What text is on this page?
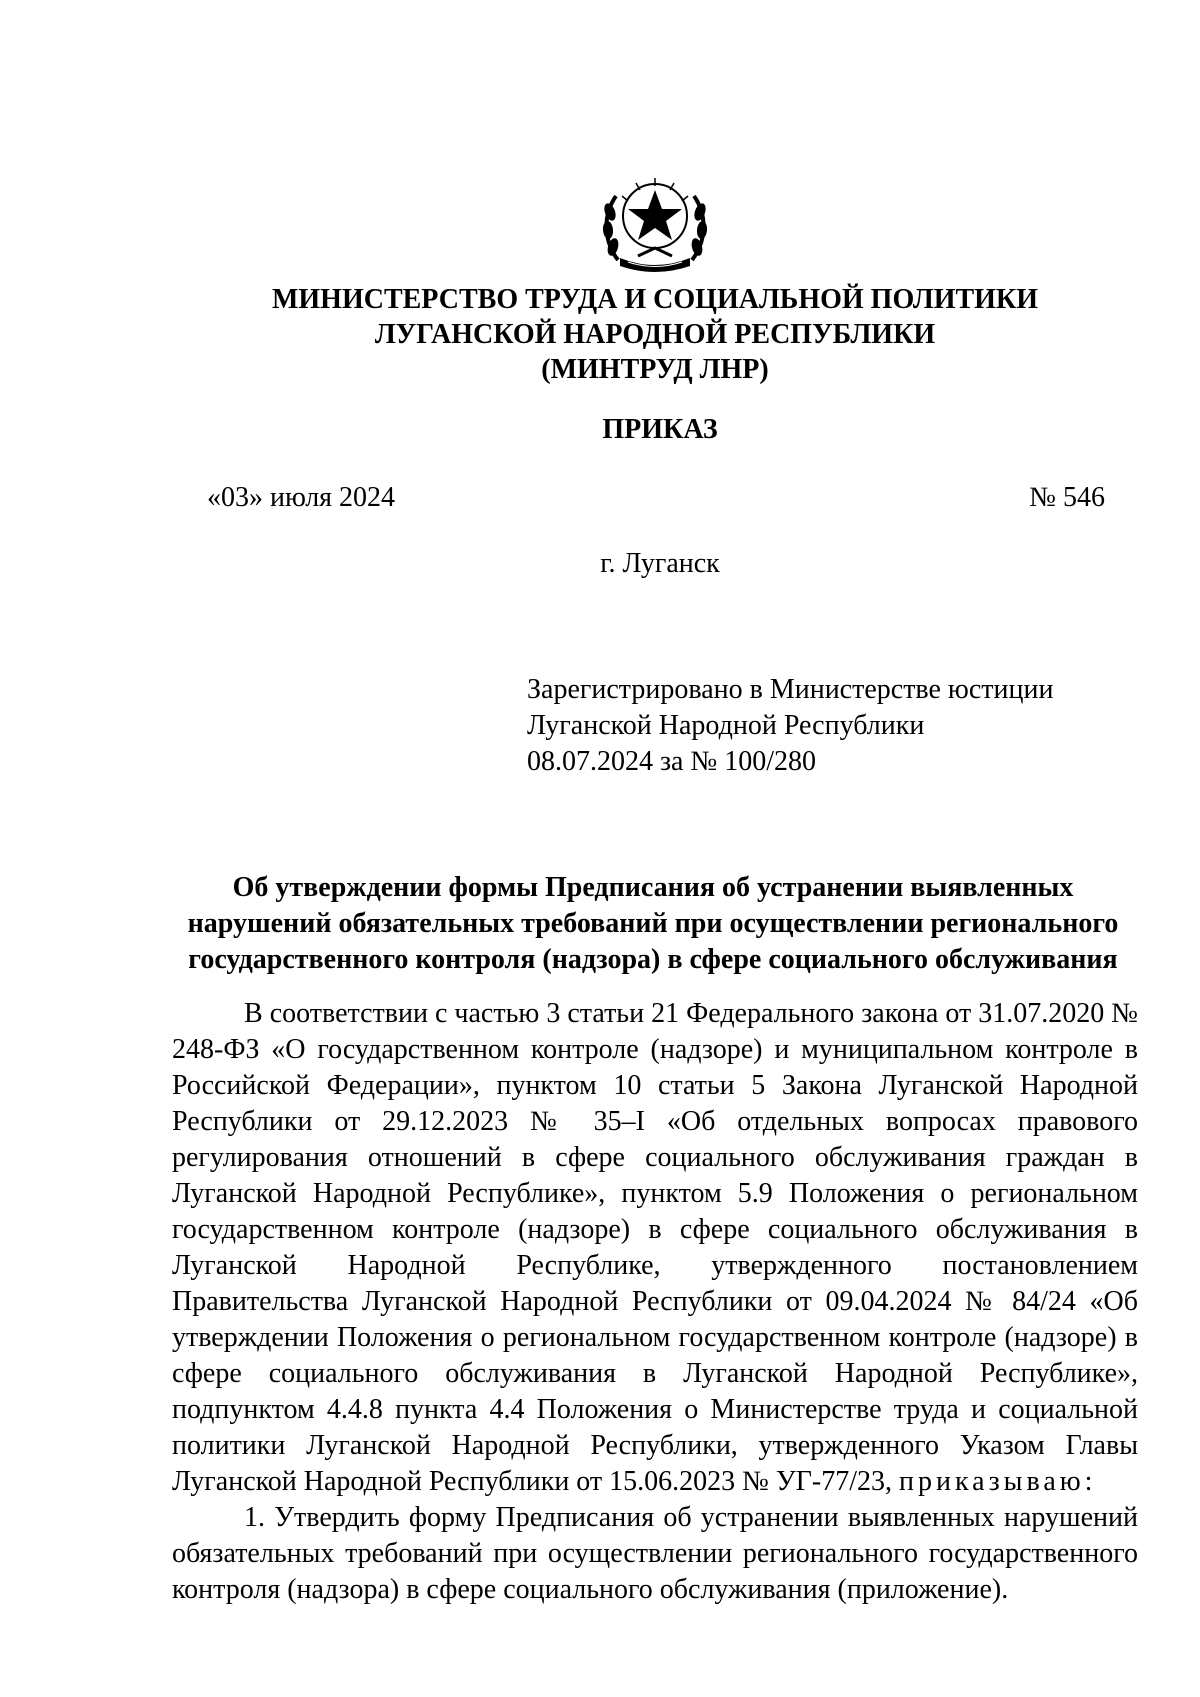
МИНИСТЕРСТВО ТРУДА И СОЦИАЛЬНОЙ ПОЛИТИКИ
ЛУГАНСКОЙ НАРОДНОЙ РЕСПУБЛИКИ
(МИНТРУД ЛНР)
ПРИКАЗ
«03» июля 2024	№ 546
г. Луганск
Зарегистрировано в Министерстве юстиции
Луганской Народной Республики
08.07.2024 за № 100/280
Об утверждении формы Предписания об устранении выявленных
нарушений обязательных требований при осуществлении регионального
государственного контроля (надзора) в сфере социального обслуживания

В соответствии с частью 3 статьи 21 Федерального закона от 31.07.2020 № 248-ФЗ «О государственном контроле (надзоре) и муниципальном контроле в Российской Федерации», пунктом 10 статьи 5 Закона Луганской Народной Республики от 29.12.2023 № 35–I «Об отдельных вопросах правового регулирования отношений в сфере социального обслуживания граждан в Луганской Народной Республике», пунктом 5.9 Положения о региональном государственном контроле (надзоре) в сфере социального обслуживания в Луганской Народной Республике, утвержденного постановлением Правительства Луганской Народной Республики от 09.04.2024 № 84/24 «Об утверждении Положения о региональном государственном контроле (надзоре) в сфере социального обслуживания в Луганской Народной Республике», подпунктом 4.4.8 пункта 4.4 Положения о Министерстве труда и социальной политики Луганской Народной Республики, утвержденного Указом Главы Луганской Народной Республики от 15.06.2023 № УГ-77/23, приказываю:

1. Утвердить форму Предписания об устранении выявленных нарушений обязательных требований при осуществлении регионального государственного контроля (надзора) в сфере социального обслуживания (приложение).
